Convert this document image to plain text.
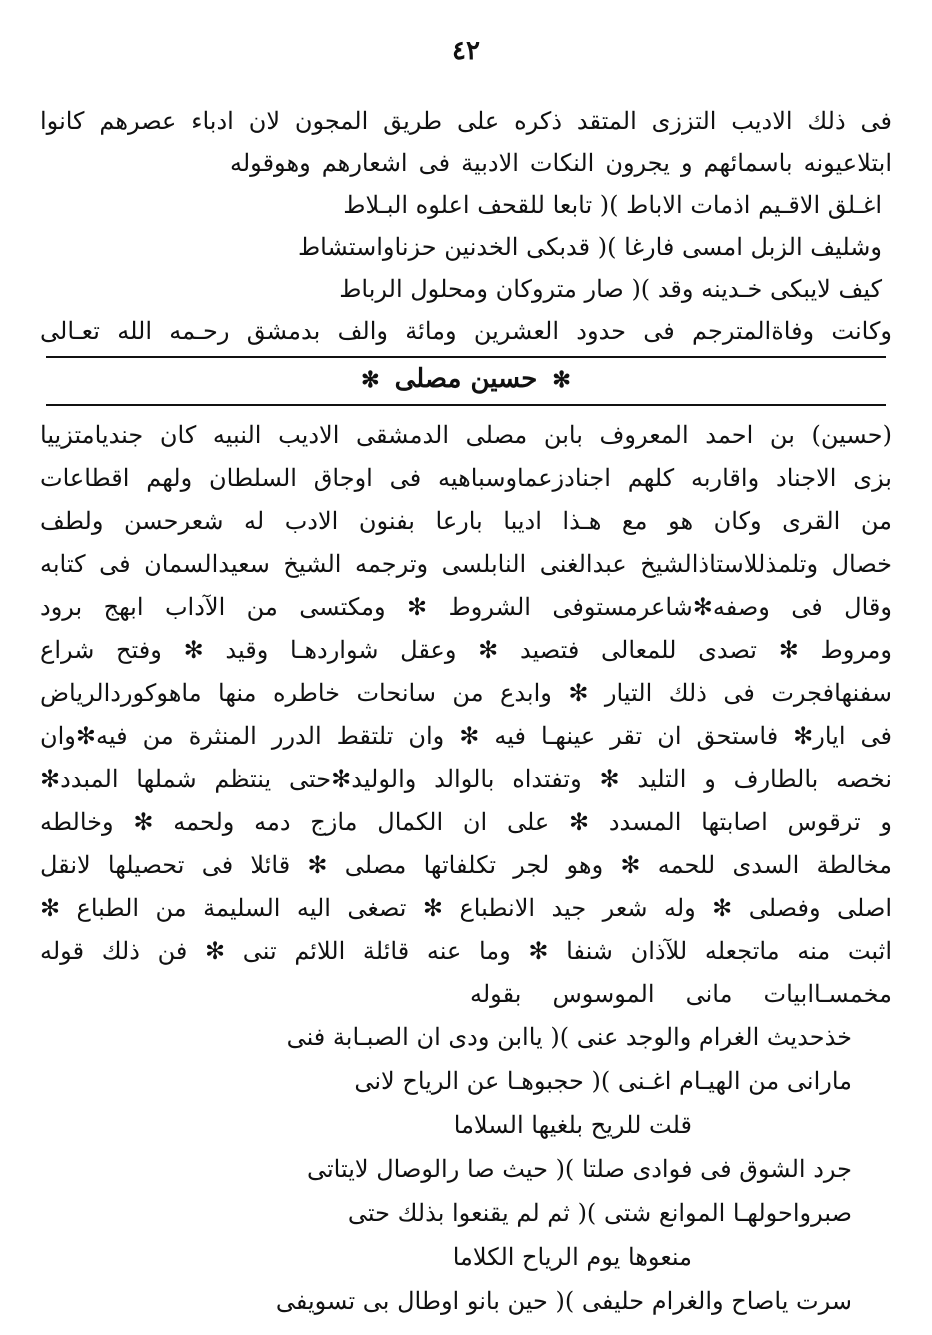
٤٢
فى ذلك الاديب التززى المتقد ذكره على طريق المجون لان ادباء عصرهم كانوا
ابتلاعيونه باسمائهم و يجرون النكات الادبية فى اشعارهم وهوقوله
اغـلق الاقـيم اذمات الاباط )( تابعا للقحف اعلوه البـلاط
وشليف الزبل امسى فارغا )( قدبكى الخدنين حزناواستشاط
كيف لايبكى خـدينه وقد )( صار متروكان ومحلول الرباط
وكانت وفاةالمترجم فى حدود العشرين ومائة والف بدمشق رحـمه الله تعـالى
✻ حسين مصلى ✻
(حسين) بن احمد المعروف بابن مصلى الدمشقى الاديب النبيه كان جنديامتزييا
بزى الاجناد واقاربه كلهم اجنادزعماوسباهيه فى اوجاق السلطان ولهم اقطاعات
من القرى وكان هو مع هـذا اديبا بارعا بفنون الادب له شعرحسن ولطف
خصال وتلمذللاستاذالشيخ عبدالغنى النابلسى وترجمه الشيخ سعيدالسمان فى كتابه
وقال فى وصفه✻شاعرمستوفى الشروط ✻ ومكتسى من الآداب ابهج برود
ومروط ✻ تصدى للمعالى فتصيد ✻ وعقل شواردهـا وقيد ✻ وفتح شراع
سفنهافجرت فى ذلك التيار ✻ وابدع من سانحات خاطره منها ماهوكوردالرياض
فى ايار✻ فاستحق ان تقر عينهـا فيه ✻ وان تلتقط الدرر المنثرة من فيه✻وان
نخصه بالطارف و التليد ✻ وتفتداه بالوالد والوليد✻حتى ينتظم شملها المبدد✻
و ترقوس اصابتها المسدد ✻ على ان الكمال مازج دمه ولحمه ✻ وخالطه
مخالطة السدى للحمه ✻ وهو لجر تكلفاتها مصلى ✻ قائلا فى تحصيلها لانقل
اصلى وفصلى ✻ وله شعر جيد الانطباع ✻ تصغى اليه السليمة من الطباع ✻
اثبت منه ماتجعله للآذان شنفا ✻ وما عنه قائلة اللائم تنى ✻ فن ذلك قوله
مخمسـاابيات مانى الموسوس بقوله
خذحديث الغرام والوجد عنى )( ياابن ودى ان الصبـابة فنى
مارانى من الهيـام اغـنى )( حجبوهـا عن الرياح لانى
قلت للريح بلغيها السلاما
جرد الشوق فى فوادى صلتا )( حيث صا رالوصال لايتاتى
صبرواحولهـا الموانع شتى )( ثم لم يقنعوا بذلك حتى
منعوها يوم الرياح الكلاما
سرت ياصاح والغرام حليفى )( حين بانو اوطال بى تسويفى
